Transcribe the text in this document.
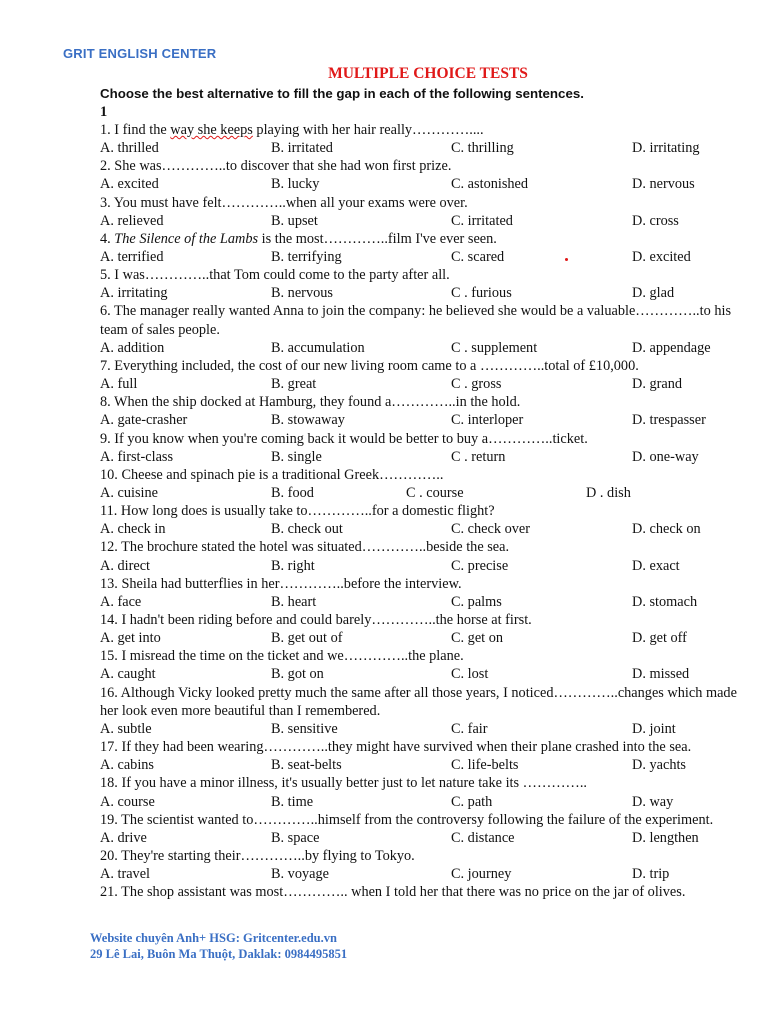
GRIT ENGLISH CENTER
MULTIPLE CHOICE TESTS
Choose the best alternative to fill the gap in each of the following sentences.
1
1. I find the way she keeps playing with her hair really…………....
A. thrilled	B. irritated	C. thrilling	D. irritating
2. She was…………..to discover that she had won first prize.
A. excited	B. lucky	C. astonished	D. nervous
3. You must have felt…………..when all your exams were over.
A. relieved	B. upset	C. irritated	D. cross
4. The Silence of the Lambs is the most…………..film I've ever seen.
A. terrified	B. terrifying	C. scared	D. excited
5. I was…………..that Tom could come to the party after all.
A. irritating	B. nervous	C . furious	D. glad
6. The manager really wanted Anna to join the company: he believed she would be a valuable…………..to his team of sales people.
A. addition	B. accumulation	C . supplement	D. appendage
7. Everything included, the cost of our new living room came to a …………..total of £10,000.
A. full	B. great	C . gross	D. grand
8. When the ship docked at Hamburg, they found a…………..in the hold.
A. gate-crasher	B. stowaway	C. interloper	D. trespasser
9. If you know when you're coming back it would be better to buy a…………..ticket.
A. first-class	B. single	C . return	D. one-way
10. Cheese and spinach pie is a traditional Greek…………..
A. cuisine	B. food	C . course	D . dish
11. How long does is usually take to…………..for a domestic flight?
A. check in	B. check out	C. check over	D. check on
12. The brochure stated the hotel was situated…………..beside the sea.
A. direct	B. right	C. precise	D. exact
13. Sheila had butterflies in her…………..before the interview.
A. face	B. heart	C. palms	D. stomach
14. I hadn't been riding before and could barely…………..the horse at first.
A. get into	B. get out of	C. get on	D. get off
15. I misread the time on the ticket and we…………..the plane.
A. caught	B. got on	C. lost	D. missed
16. Although Vicky looked pretty much the same after all those years, I noticed…………..changes which made her look even more beautiful than I remembered.
A. subtle	B. sensitive	C. fair	D. joint
17. If they had been wearing…………..they might have survived when their plane crashed into the sea.
A. cabins	B. seat-belts	C. life-belts	D. yachts
18. If you have a minor illness, it's usually better just to let nature take its …………..
A. course	B. time	C. path	D. way
19. The scientist wanted to…………..himself from the controversy following the failure of the experiment.
A. drive	B. space	C. distance	D. lengthen
20. They're starting their…………..by flying to Tokyo.
A. travel	B. voyage	C. journey	D. trip
21. The shop assistant was most………….. when I told her that there was no price on the jar of olives.
Website chuyên Anh+ HSG: Gritcenter.edu.vn
29 Lê Lai, Buôn Ma Thuột, Daklak: 0984495851
